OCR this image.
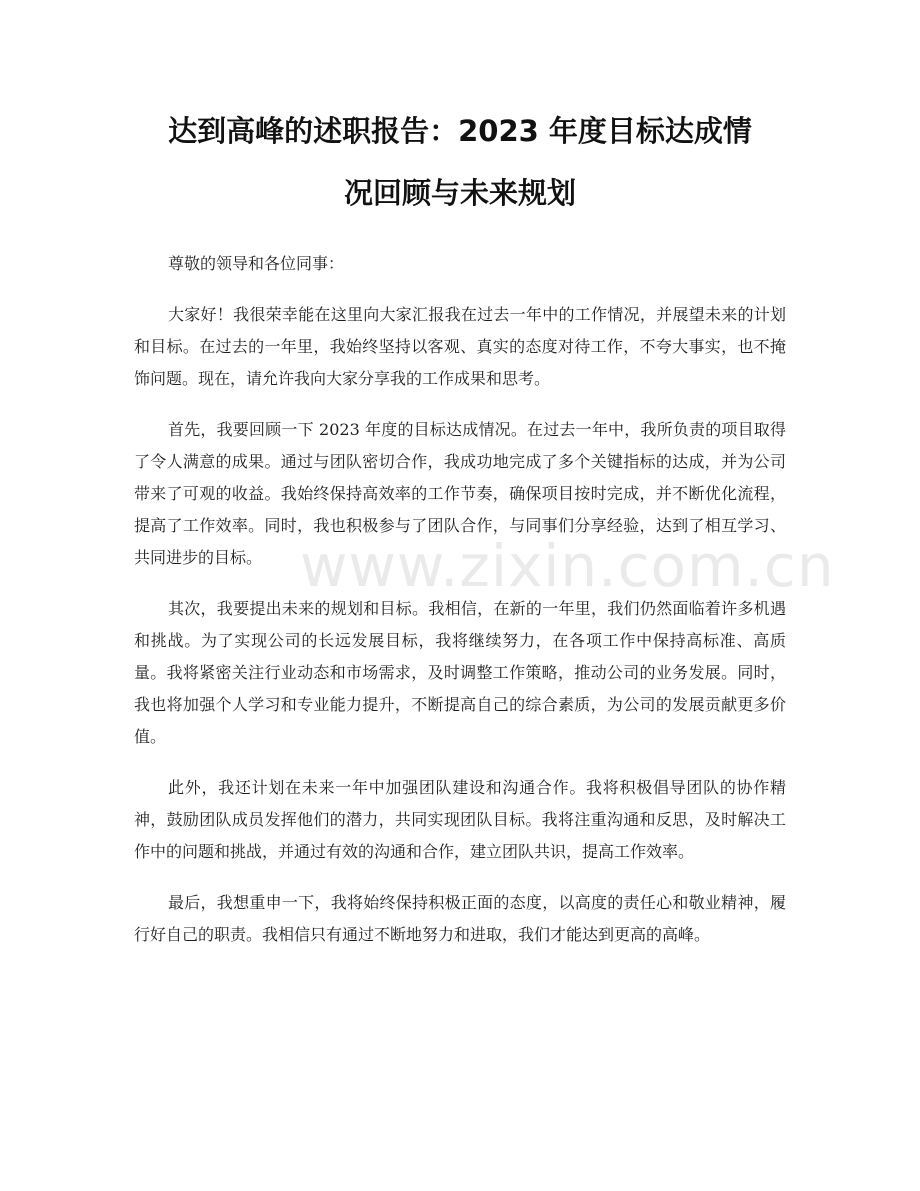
达到高峰的述职报告：2023 年度目标达成情
况回顾与未来规划

尊敬的领导和各位同事：

大家好！我很荣幸能在这里向大家汇报我在过去一年中的工作情况，并展望未来的计划和目标。在过去的一年里，我始终坚持以客观、真实的态度对待工作，不夸大事实，也不掩饰问题。现在，请允许我向大家分享我的工作成果和思考。

首先，我要回顾一下 2023 年度的目标达成情况。在过去一年中，我所负责的项目取得了令人满意的成果。通过与团队密切合作，我成功地完成了多个关键指标的达成，并为公司带来了可观的收益。我始终保持高效率的工作节奏，确保项目按时完成，并不断优化流程，提高了工作效率。同时，我也积极参与了团队合作，与同事们分享经验，达到了相互学习、共同进步的目标。

其次，我要提出未来的规划和目标。我相信，在新的一年里，我们仍然面临着许多机遇和挑战。为了实现公司的长远发展目标，我将继续努力，在各项工作中保持高标准、高质量。我将紧密关注行业动态和市场需求，及时调整工作策略，推动公司的业务发展。同时，我也将加强个人学习和专业能力提升，不断提高自己的综合素质，为公司的发展贡献更多价值。

此外，我还计划在未来一年中加强团队建设和沟通合作。我将积极倡导团队的协作精神，鼓励团队成员发挥他们的潜力，共同实现团队目标。我将注重沟通和反思，及时解决工作中的问题和挑战，并通过有效的沟通和合作，建立团队共识，提高工作效率。

最后，我想重申一下，我将始终保持积极正面的态度，以高度的责任心和敬业精神，履行好自己的职责。我相信只有通过不断地努力和进取，我们才能达到更高的高峰。

www.zixin.com.cn
